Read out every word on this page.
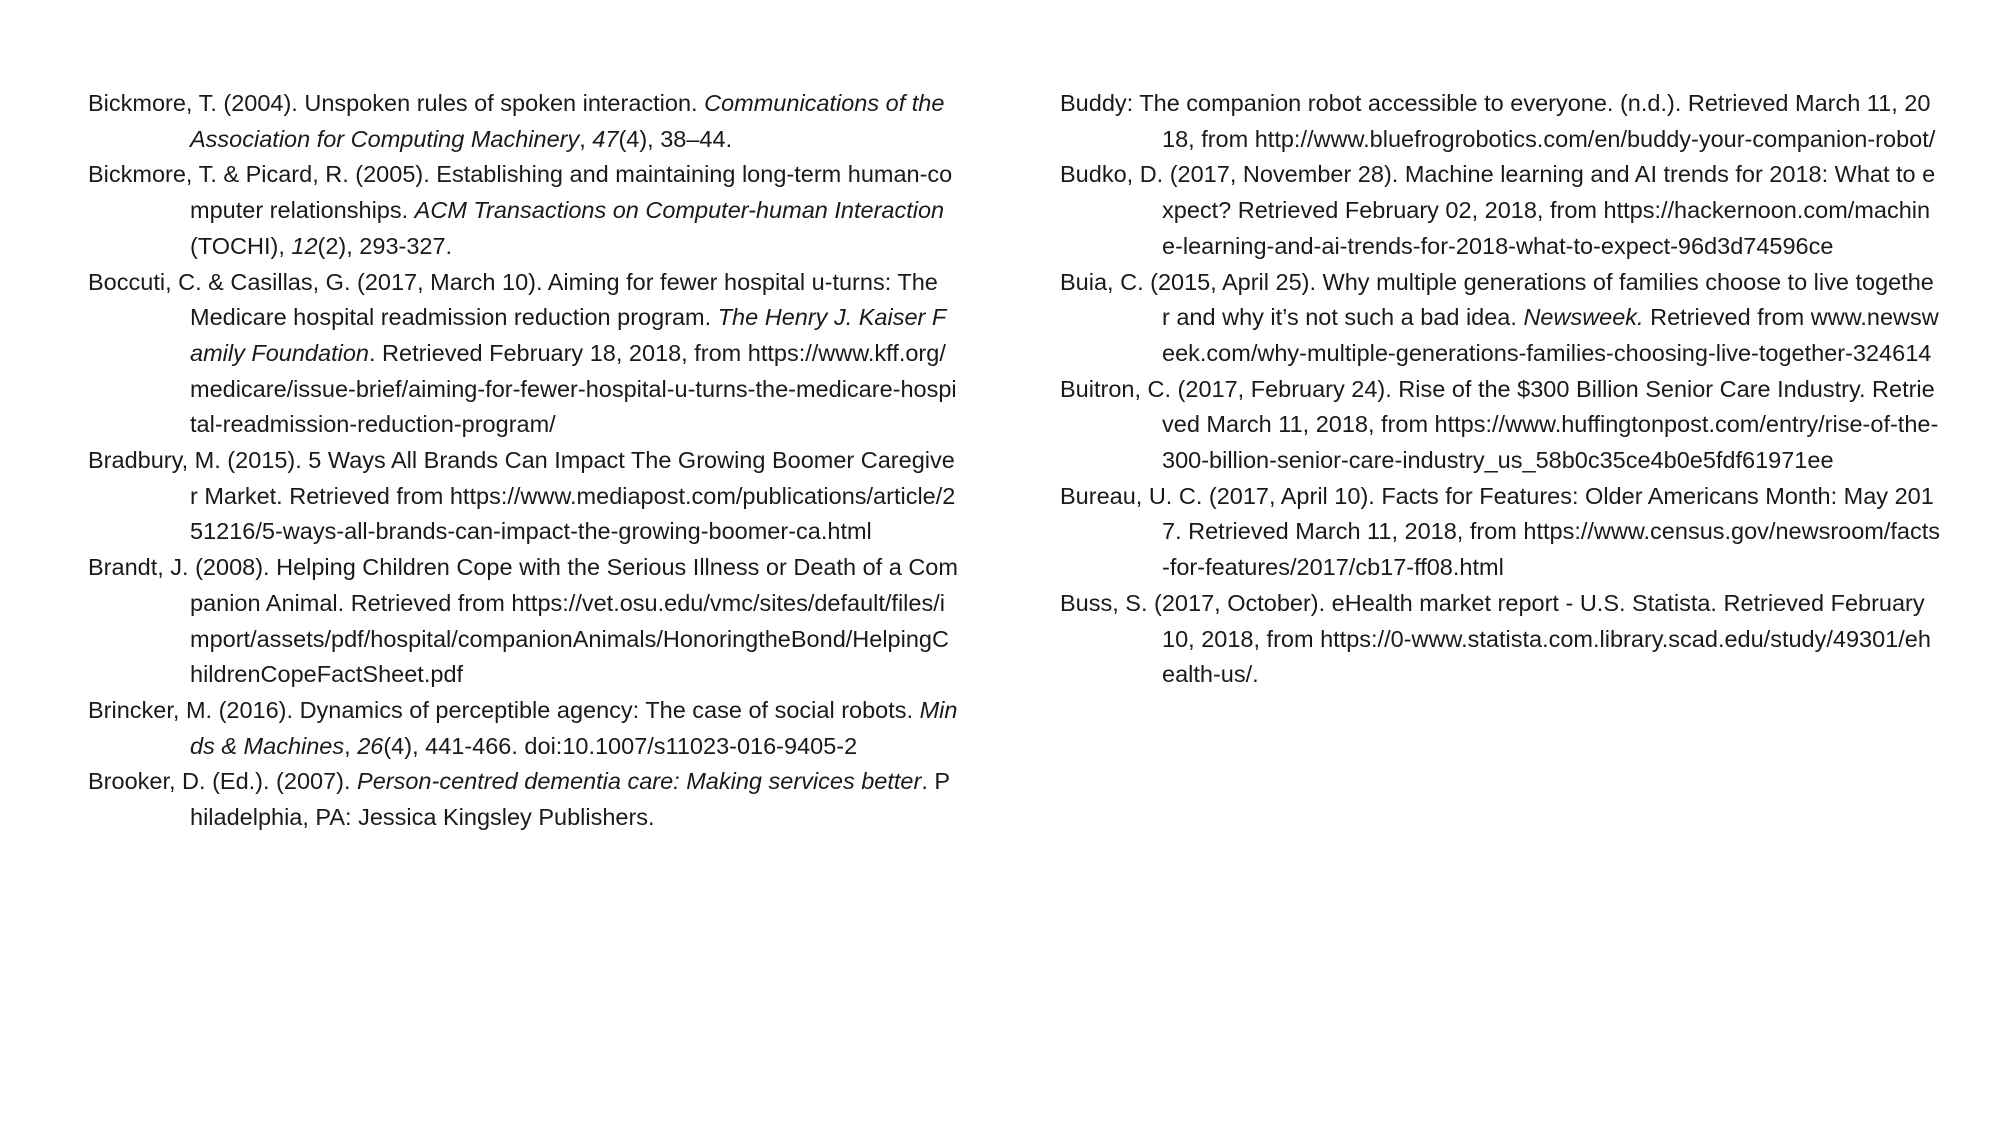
Bickmore, T. (2004). Unspoken rules of spoken interaction. Communications of the Association for Computing Machinery, 47(4), 38–44.

Bickmore, T. & Picard, R. (2005). Establishing and maintaining long-term human-computer relationships. ACM Transactions on Computer-human Interaction (TOCHI), 12(2), 293-327.

Boccuti, C. & Casillas, G. (2017, March 10). Aiming for fewer hospital u-turns: The Medicare hospital readmission reduction program. The Henry J. Kaiser Family Foundation. Retrieved February 18, 2018, from https://www.kff.org/medicare/issue-brief/aiming-for-fewer-hospital-u-turns-the-medicare-hospital-readmission-reduction-program/

Bradbury, M. (2015). 5 Ways All Brands Can Impact The Growing Boomer Caregiver Market. Retrieved from https://www.mediapost.com/publications/article/251216/5-ways-all-brands-can-impact-the-growing-boomer-ca.html

Brandt, J. (2008). Helping Children Cope with the Serious Illness or Death of a Companion Animal. Retrieved from https://vet.osu.edu/vmc/sites/default/files/import/assets/pdf/hospital/companionAnimals/HonoringtheBond/HelpingChildrenCopeFactSheet.pdf

Brincker, M. (2016). Dynamics of perceptible agency: The case of social robots. Minds & Machines, 26(4), 441-466. doi:10.1007/s11023-016-9405-2

Brooker, D. (Ed.). (2007). Person-centred dementia care: Making services better. Philadelphia, PA: Jessica Kingsley Publishers.

Buddy: The companion robot accessible to everyone. (n.d.). Retrieved March 11, 2018, from http://www.bluefrogrobotics.com/en/buddy-your-companion-robot/

Budko, D. (2017, November 28). Machine learning and AI trends for 2018: What to expect? Retrieved February 02, 2018, from https://hackernoon.com/machine-learning-and-ai-trends-for-2018-what-to-expect-96d3d74596ce

Buia, C. (2015, April 25). Why multiple generations of families choose to live together and why it’s not such a bad idea. Newsweek. Retrieved from www.newsweek.com/why-multiple-generations-families-choosing-live-together-324614

Buitron, C. (2017, February 24). Rise of the $300 Billion Senior Care Industry. Retrieved March 11, 2018, from https://www.huffingtonpost.com/entry/rise-of-the-300-billion-senior-care-industry_us_58b0c35ce4b0e5fdf61971ee

Bureau, U. C. (2017, April 10). Facts for Features: Older Americans Month: May 2017. Retrieved March 11, 2018, from https://www.census.gov/newsroom/facts-for-features/2017/cb17-ff08.html

Buss, S. (2017, October). eHealth market report - U.S. Statista. Retrieved February 10, 2018, from https://0-www.statista.com.library.scad.edu/study/49301/ehealth-us/.
